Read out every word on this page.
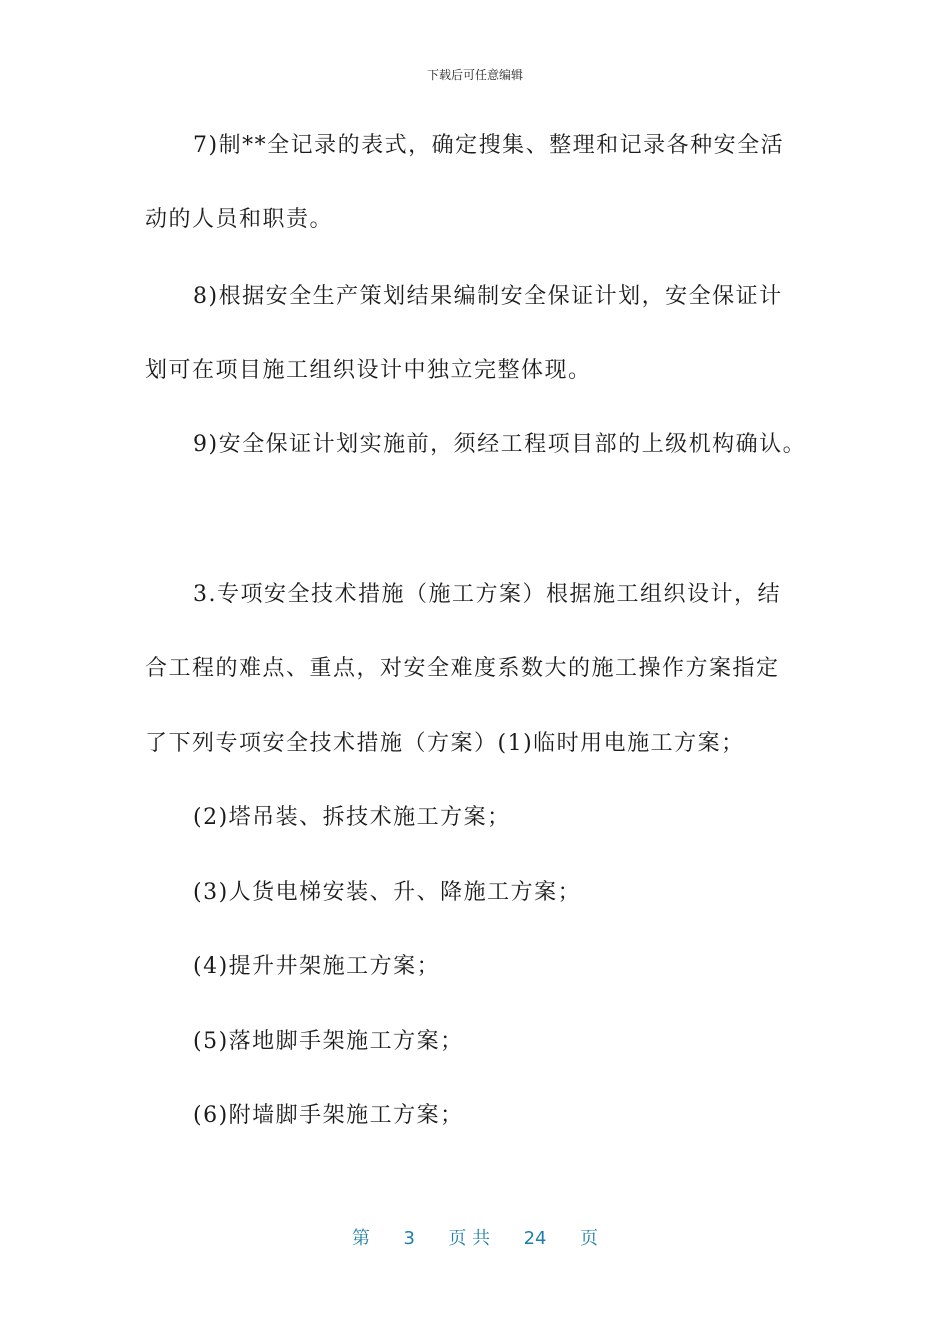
下载后可任意编辑
7)制**全记录的表式，确定搜集、整理和记录各种安全活
动的人员和职责。
8)根据安全生产策划结果编制安全保证计划，安全保证计
划可在项目施工组织设计中独立完整体现。
9)安全保证计划实施前，须经工程项目部的上级机构确认。
3.专项安全技术措施（施工方案）根据施工组织设计，结
合工程的难点、重点，对安全难度系数大的施工操作方案指定
了下列专项安全技术措施（方案）(1)临时用电施工方案；
(2)塔吊装、拆技术施工方案；
(3)人货电梯安装、升、降施工方案；
(4)提升井架施工方案；
(5)落地脚手架施工方案；
(6)附墙脚手架施工方案；
第 3 页 共 24 页
